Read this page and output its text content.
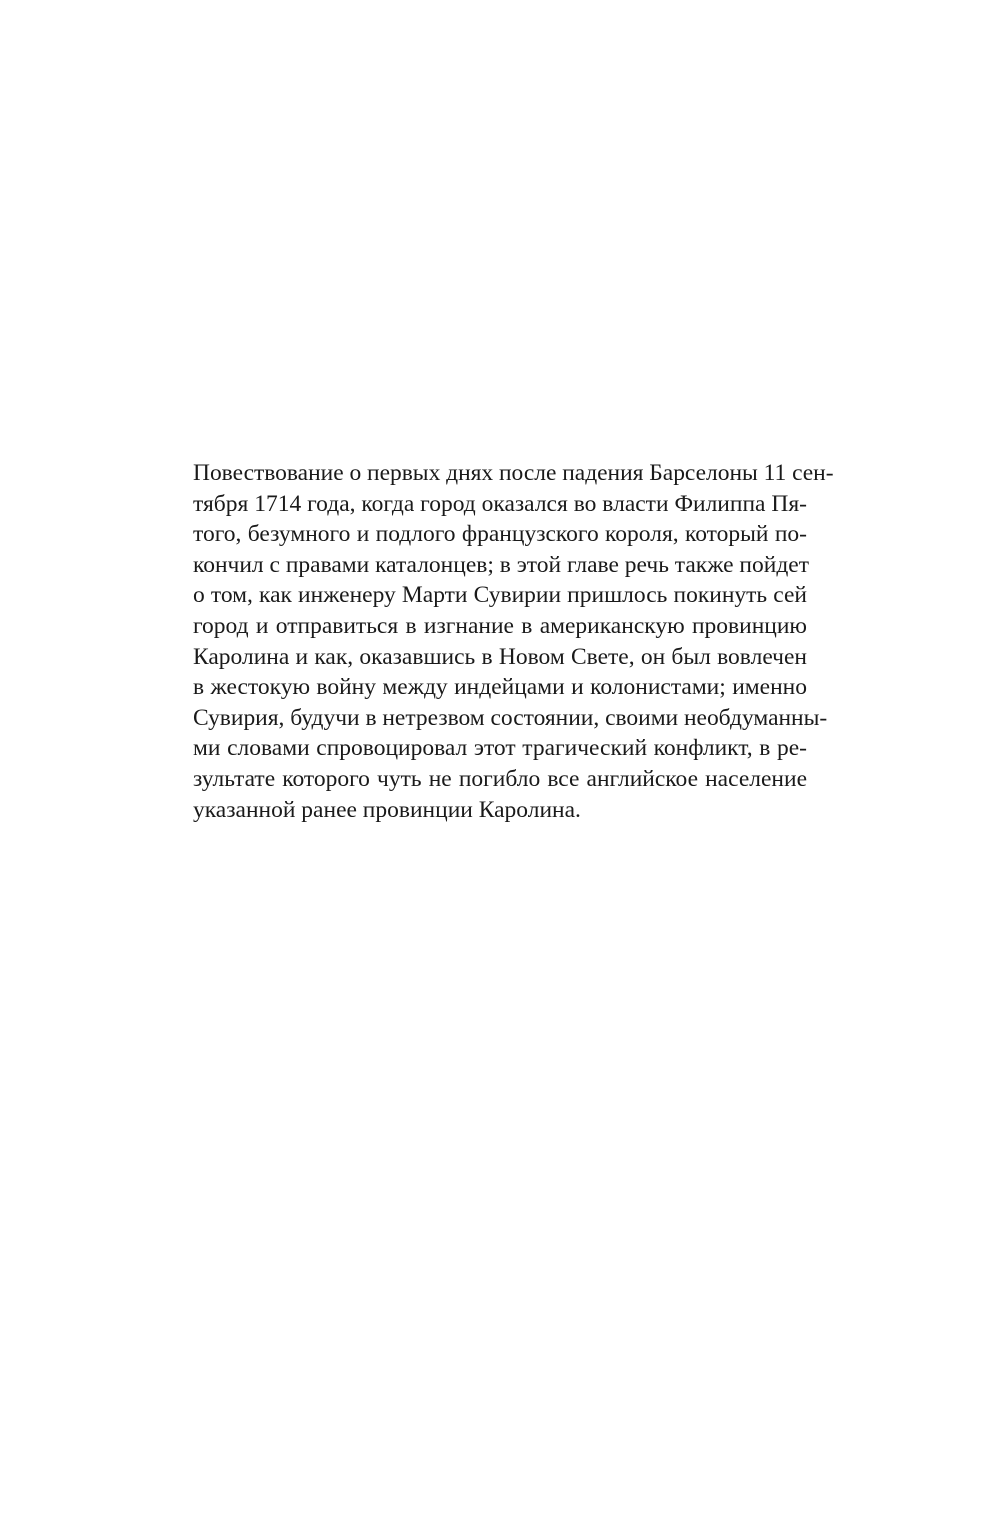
Повествование о первых днях после падения Барселоны 11 сен-
тября 1714 года, когда город оказался во власти Филиппа Пя-
того, безумного и подлого французского короля, который по-
кончил с правами каталонцев; в этой главе речь также пойдет
о том, как инженеру Марти Сувирии пришлось покинуть сей
город и отправиться в изгнание в американскую провинцию
Каролина и как, оказавшись в Новом Свете, он был вовлечен
в жестокую войну между индейцами и колонистами; именно
Сувирия, будучи в нетрезвом состоянии, своими необдуманны-
ми словами спровоцировал этот трагический конфликт, в ре-
зультате которого чуть не погибло все английское население
указанной ранее провинции Каролина.
